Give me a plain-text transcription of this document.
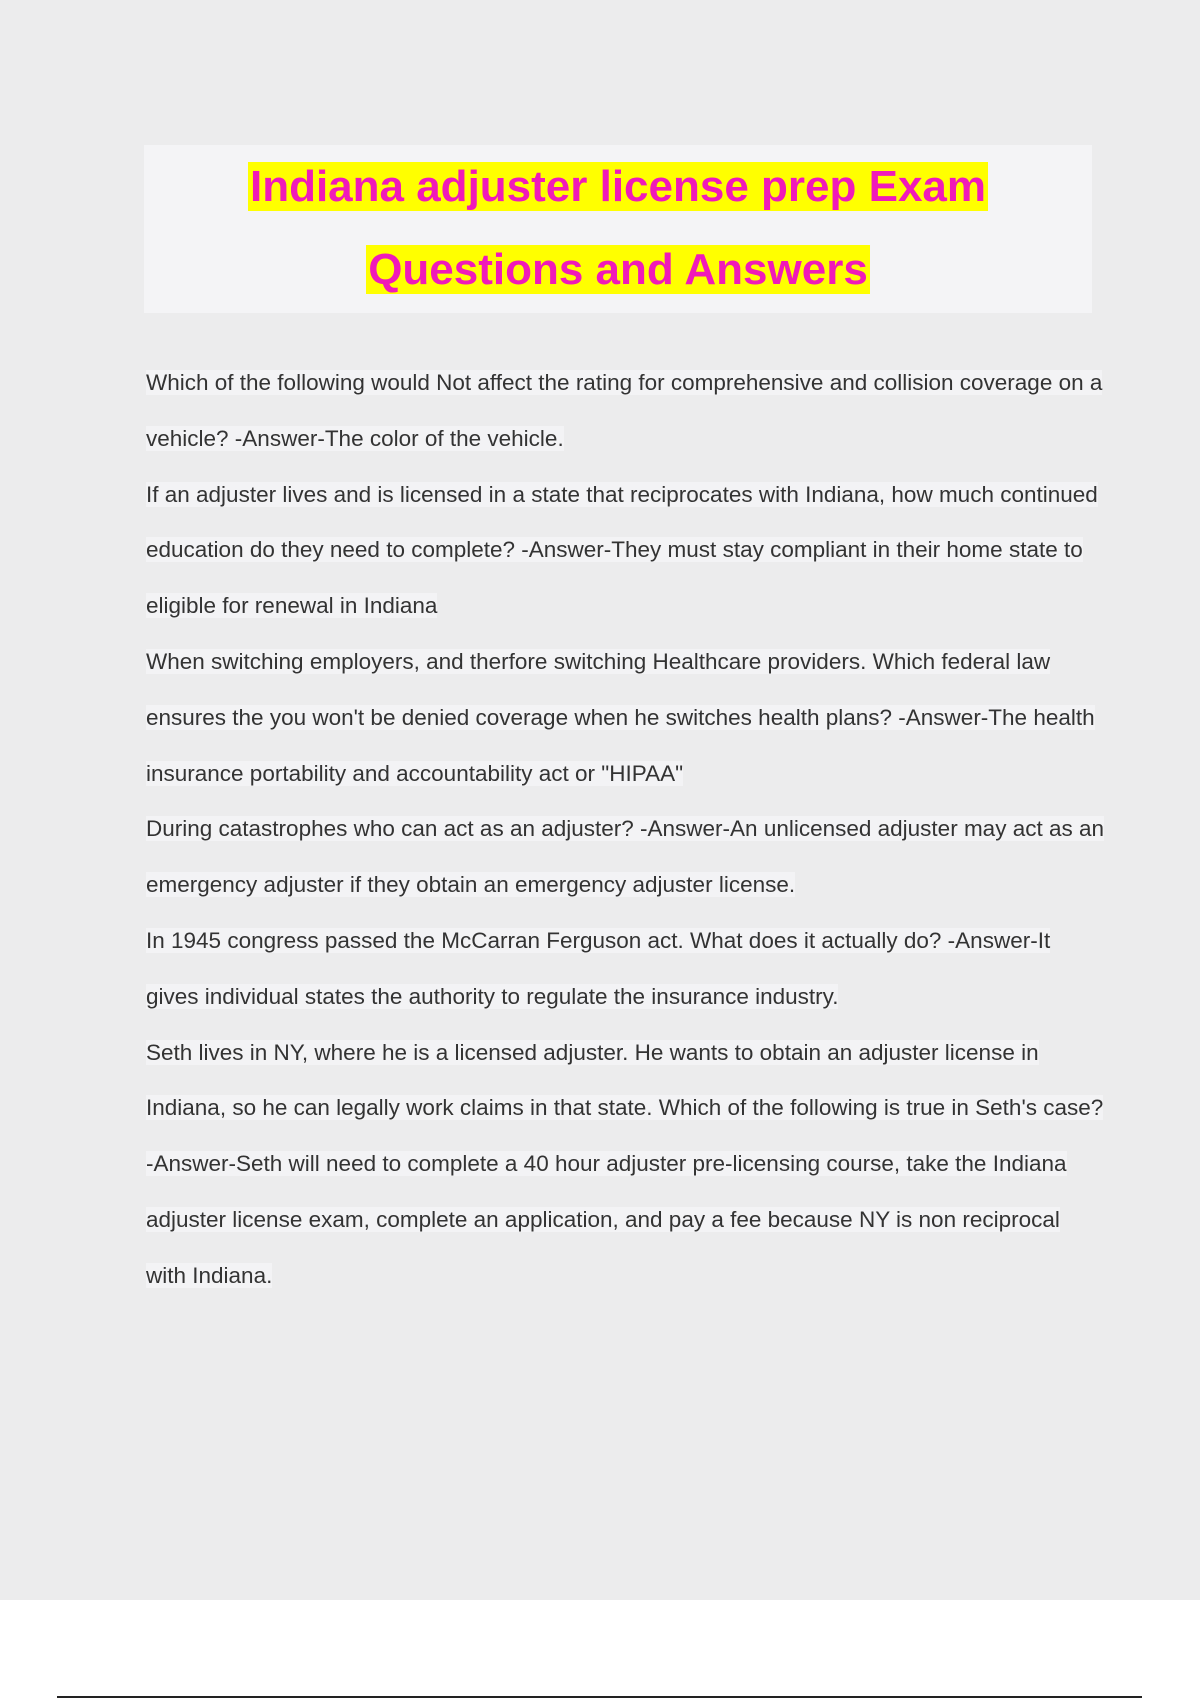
Indiana adjuster license prep Exam

Questions and Answers

Which of the following would Not affect the rating for comprehensive and collision coverage on a vehicle? -Answer-The color of the vehicle.

If an adjuster lives and is licensed in a state that reciprocates with Indiana, how much continued education do they need to complete? -Answer-They must stay compliant in their home state to eligible for renewal in Indiana

When switching employers, and therfore switching Healthcare providers. Which federal law ensures the you won't be denied coverage when he switches health plans? -Answer-The health insurance portability and accountability act or "HIPAA"

During catastrophes who can act as an adjuster? -Answer-An unlicensed adjuster may act as an emergency adjuster if they obtain an emergency adjuster license.

In 1945 congress passed the McCarran Ferguson act. What does it actually do? -Answer-It gives individual states the authority to regulate the insurance industry.

Seth lives in NY, where he is a licensed adjuster. He wants to obtain an adjuster license in Indiana, so he can legally work claims in that state. Which of the following is true in Seth's case? -Answer-Seth will need to complete a 40 hour adjuster pre-licensing course, take the Indiana adjuster license exam, complete an application, and pay a fee because NY is non reciprocal with Indiana.
